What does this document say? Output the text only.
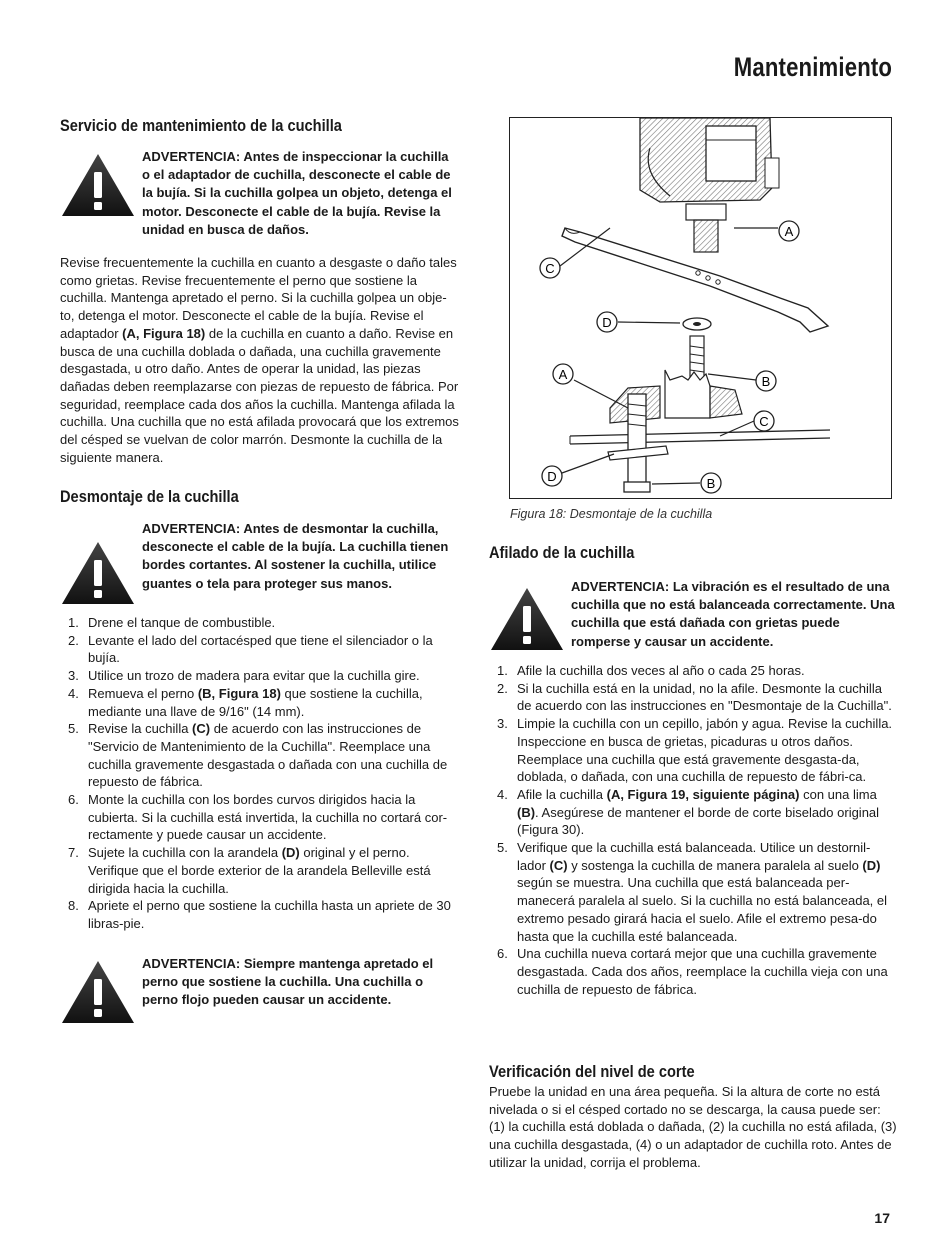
Mantenimiento
Servicio de mantenimiento de la cuchilla
ADVERTENCIA: Antes de inspeccionar la cuchilla o el adaptador de cuchilla, desconecte el cable de la bujía. Si la cuchilla golpea un objeto, detenga el motor. Desconecte el cable de la bujía. Revise la unidad en busca de daños.
Revise frecuentemente la cuchilla en cuanto a desgaste o daño tales como grietas. Revise frecuentemente el perno que sostiene la cuchilla. Mantenga apretado el perno. Si la cuchilla golpea un obje-to, detenga el motor. Desconecte el cable de la bujía. Revise el adaptador (A, Figura 18) de la cuchilla en cuanto a daño. Revise en busca de una cuchilla doblada o dañada, una cuchilla gravemente desgastada, u otro daño. Antes de operar la unidad, las piezas dañadas deben reemplazarse con piezas de repuesto de fábrica. Por seguridad, reemplace cada dos años la cuchilla. Mantenga afilada la cuchilla. Una cuchilla que no está afilada provocará que los extremos del césped se vuelvan de color marrón. Desmonte la cuchilla de la siguiente manera.
Desmontaje de la cuchilla
ADVERTENCIA: Antes de desmontar la cuchilla, desconecte el cable de la bujía. La cuchilla tienen bordes cortantes. Al sostener la cuchilla, utilice guantes o tela para proteger sus manos.
1. Drene el tanque de combustible.
2. Levante el lado del cortacésped que tiene el silenciador o la bujía.
3. Utilice un trozo de madera para evitar que la cuchilla gire.
4. Remueva el perno (B, Figura 18) que sostiene la cuchilla, mediante una llave de 9/16" (14 mm).
5. Revise la cuchilla (C) de acuerdo con las instrucciones de "Servicio de Mantenimiento de la Cuchilla". Reemplace una cuchilla gravemente desgastada o dañada con una cuchilla de repuesto de fábrica.
6. Monte la cuchilla con los bordes curvos dirigidos hacia la cubierta. Si la cuchilla está invertida, la cuchilla no cortará cor-rectamente y puede causar un accidente.
7. Sujete la cuchilla con la arandela (D) original y el perno. Verifique que el borde exterior de la arandela Belleville está dirigida hacia la cuchilla.
8. Apriete el perno que sostiene la cuchilla hasta un apriete de 30 libras-pie.
ADVERTENCIA: Siempre mantenga apretado el perno que sostiene la cuchilla. Una cuchilla o perno flojo pueden causar un accidente.
A
C
D
A	B
C
D	B
Figura 18: Desmontaje de la cuchilla
Afilado de la cuchilla
ADVERTENCIA: La vibración es el resultado de una cuchilla que no está balanceada correctamente. Una cuchilla que está dañada con grietas puede romperse y causar un accidente.
1. Afile la cuchilla dos veces al año o cada 25 horas.
2. Si la cuchilla está en la unidad, no la afile. Desmonte la cuchilla de acuerdo con las instrucciones en "Desmontaje de la Cuchilla".
3. Limpie la cuchilla con un cepillo, jabón y agua. Revise la cuchilla. Inspeccione en busca de grietas, picaduras u otros daños. Reemplace una cuchilla que está gravemente desgasta-da, doblada, o dañada, con una cuchilla de repuesto de fábri-ca.
4. Afile la cuchilla (A, Figura 19, siguiente página) con una lima (B). Asegúrese de mantener el borde de corte biselado original (Figura 30).
5. Verifique que la cuchilla está balanceada. Utilice un destornil-lador (C) y sostenga la cuchilla de manera paralela al suelo (D) según se muestra. Una cuchilla que está balanceada per-manecerá paralela al suelo. Si la cuchilla no está balanceada, el extremo pesado girará hacia el suelo. Afile el extremo pesa-do hasta que la cuchilla esté balanceada.
6. Una cuchilla nueva cortará mejor que una cuchilla gravemente desgastada. Cada dos años, reemplace la cuchilla vieja con una cuchilla de repuesto de fábrica.
Verificación del nivel de corte
Pruebe la unidad en una área pequeña. Si la altura de corte no está nivelada o si el césped cortado no se descarga, la causa puede ser: (1) la cuchilla está doblada o dañada, (2) la cuchilla no está afilada, (3) una cuchilla desgastada, (4) o un adaptador de cuchilla roto. Antes de utilizar la unidad, corrija el problema.
17
